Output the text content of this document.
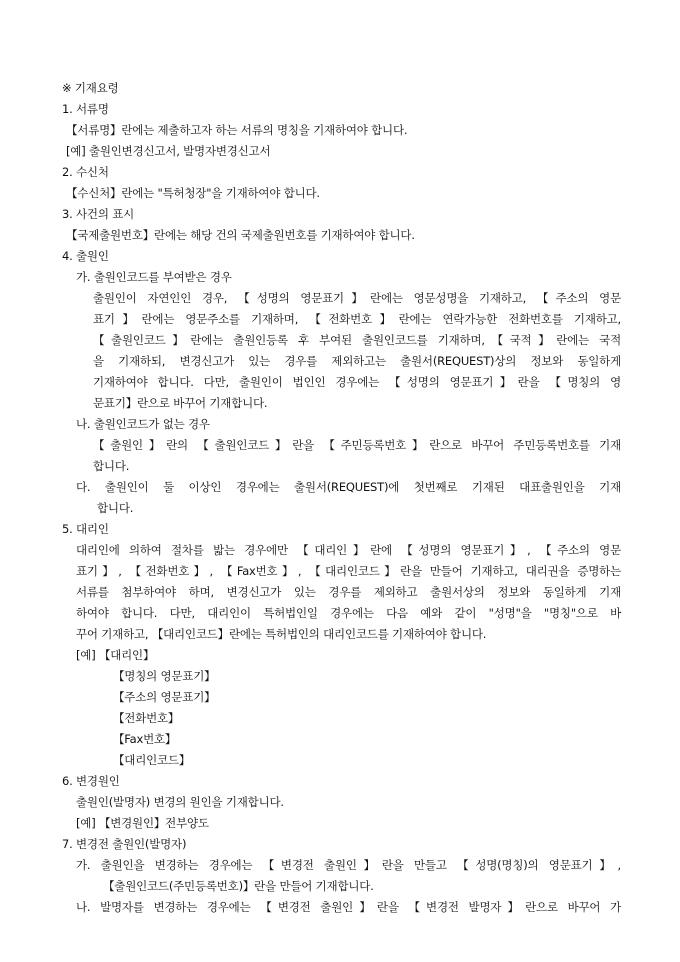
※ 기재요령
1. 서류명
【서류명】란에는 제출하고자 하는 서류의 명칭을 기재하여야 합니다.
[예] 출원인변경신고서, 발명자변경신고서
2. 수신처
【수신처】란에는 "특허청장"을 기재하여야 합니다.
3. 사건의 표시
【국제출원번호】란에는 해당 건의 국제출원번호를 기재하여야 합니다.
4. 출원인
가. 출원인코드를 부여받은 경우
출원인이 자연인인 경우, 【성명의 영문표기】란에는 영문성명을 기재하고, 【주소의 영문
표기】란에는 영문주소를 기재하며, 【전화번호】란에는 연락가능한 전화번호를 기재하고,
【출원인코드】란에는 출원인등록 후 부여된 출원인코드를 기재하며,【국적】란에는 국적
을 기재하되, 변경신고가 있는 경우를 제외하고는 출원서(REQUEST)상의 정보와 동일하게
기재하여야 합니다. 다만, 출원인이 법인인 경우에는 【성명의 영문표기】란을 【명칭의 영
문표기】란으로 바꾸어 기재합니다.
나. 출원인코드가 없는 경우
【출원인】란의 【출원인코드】란을 【주민등록번호】란으로 바꾸어 주민등록번호를 기재
합니다.
다. 출원인이 둘 이상인 경우에는 출원서(REQUEST)에 첫번째로 기재된 대표출원인을 기재
합니다.
5. 대리인
대리인에 의하여 절차를 밟는 경우에만 【대리인】란에 【성명의 영문표기】, 【주소의 영문
표기】, 【전화번호】, 【Fax번호】, 【대리인코드】란을 만들어 기재하고, 대리권을 증명하는
서류를 첨부하여야 하며, 변경신고가 있는 경우를 제외하고 출원서상의 정보와 동일하게 기재
하여야 합니다. 다만, 대리인이 특허법인일 경우에는 다음 예와 같이 "성명"을 "명칭"으로 바
꾸어 기재하고, 【대리인코드】란에는 특허법인의 대리인코드를 기재하여야 합니다.
[예] 【대리인】
【명칭의 영문표기】
【주소의 영문표기】
【전화번호】
【Fax번호】
【대리인코드】
6. 변경원인
출원인(발명자) 변경의 원인을 기재합니다.
[예] 【변경원인】전부양도
7. 변경전 출원인(발명자)
가. 출원인을 변경하는 경우에는 【변경전 출원인】란을 만들고 【성명(명칭)의 영문표기】,
【출원인코드(주민등록번호)】란을 만들어 기재합니다.
나. 발명자를 변경하는 경우에는 【변경전 출원인】란을 【변경전 발명자】란으로 바꾸어 가
